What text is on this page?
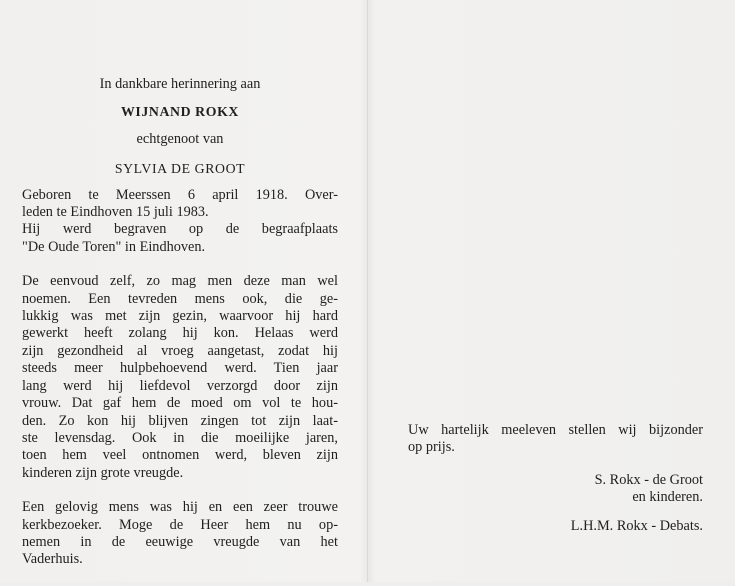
In dankbare herinnering aan

WIJNAND ROKX

echtgenoot van

SYLVIA DE GROOT

Geboren te Meerssen 6 april 1918. Over-
leden te Eindhoven 15 juli 1983.
Hij werd begraven op de begraafplaats
"De Oude Toren" in Eindhoven.
De eenvoud zelf, zo mag men deze man wel
noemen. Een tevreden mens ook, die ge-
lukkig was met zijn gezin, waarvoor hij hard
gewerkt heeft zolang hij kon. Helaas werd
zijn gezondheid al vroeg aangetast, zodat hij
steeds meer hulpbehoevend werd. Tien jaar
lang werd hij liefdevol verzorgd door zijn
vrouw. Dat gaf hem de moed om vol te hou-
den. Zo kon hij blijven zingen tot zijn laat-
ste levensdag. Ook in die moeilijke jaren,
toen hem veel ontnomen werd, bleven zijn
kinderen zijn grote vreugde.
Een gelovig mens was hij en een zeer trouwe
kerkbezoeker. Moge de Heer hem nu op-
nemen in de eeuwige vreugde van het
Vaderhuis.
Uw hartelijk meeleven stellen wij bijzonder
op prijs.
S. Rokx - de Groot
en kinderen.
L.H.M. Rokx - Debats.
